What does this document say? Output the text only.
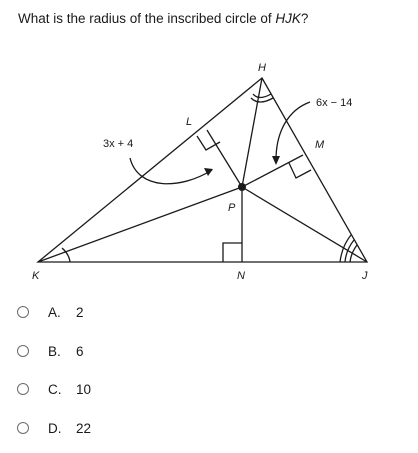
What is the radius of the inscribed circle of HJK?
H
L
M
P
K	N	J
3x + 4
6x − 14
A.	2
B.	6
C.	10
D.	22
